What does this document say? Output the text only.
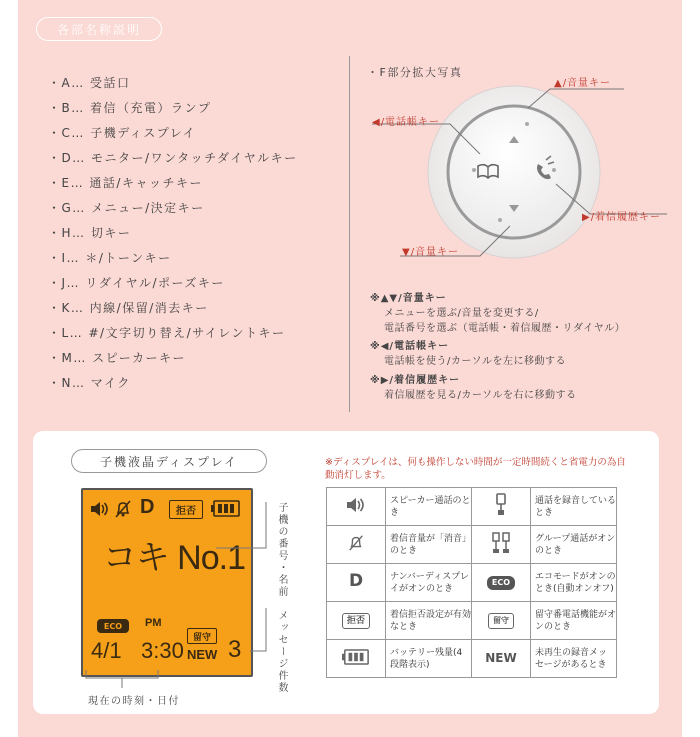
各部名称説明
・A… 受話口
・B… 着信（充電）ランプ
・C… 子機ディスプレイ
・D… モニター/ワンタッチダイヤルキー
・E… 通話/キャッチキー
・G… メニュー/決定キー
・H… 切キー
・I… ＊/トーンキー
・J… リダイヤル/ポーズキー
・K… 内線/保留/消去キー
・L… #/文字切り替え/サイレントキー
・M… スピーカーキー
・N… マイク
・F部分拡大写真
▲/音量キー
◀/電話帳キー
▶/着信履歴キー
▼/音量キー
※▲▼/音量キー
メニューを選ぶ/音量を変更する/
電話番号を選ぶ（電話帳・着信履歴・リダイヤル）
※◀/電話帳キー
電話帳を使う/カーソルを左に移動する
※▶/着信履歴キー
着信履歴を見る/カーソルを右に移動する
子機液晶ディスプレイ
D	拒否
コキ No.1
ECO	PM
留守
4/1 3:30 NEW 3
子機の番号・名前
メッセージ件数
現在の時刻・日付
※ディスプレイは、何も操作しない時間が一定時間続くと省電力の為自動消灯します。
	スピーカー通話のとき		通話を録音しているとき
	着信音量が「消音」のとき		グループ通話がオンのとき
D	ナンバーディスプレイがオンのとき	ECO	エコモードがオンのとき(自動オンオフ)
拒否	着信拒否設定が有効なとき	留守	留守番電話機能がオンのとき
	バッテリー残量(4段階表示)	NEW	未再生の録音メッセージがあるとき
